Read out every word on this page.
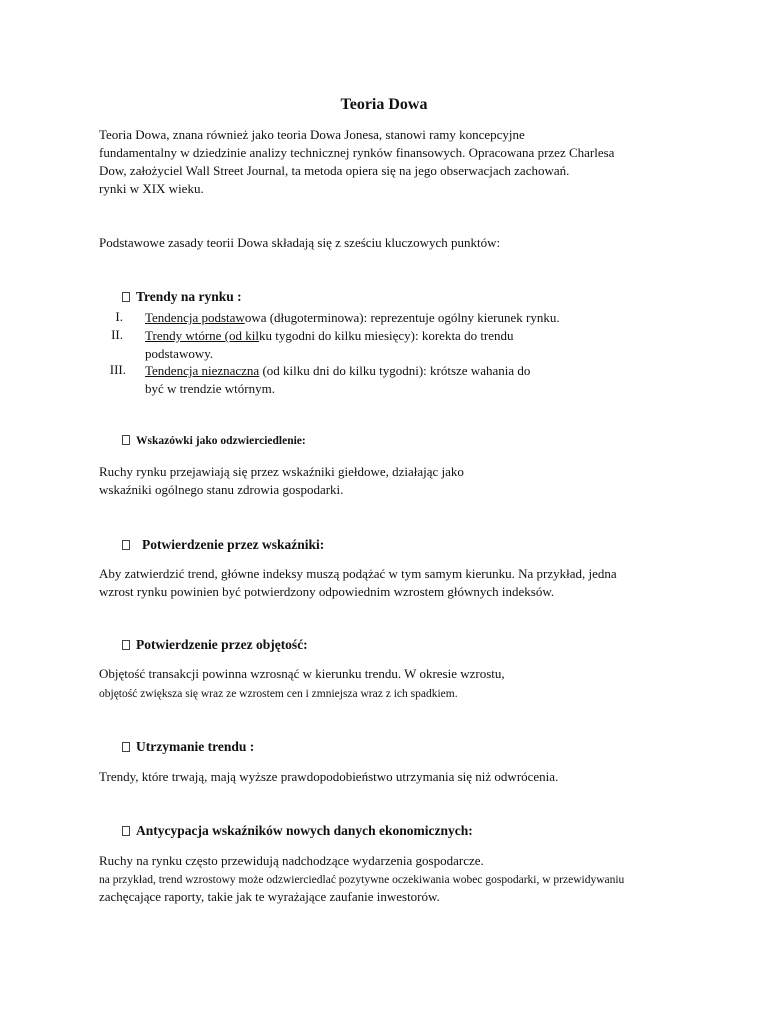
Teoria Dowa
Teoria Dowa, znana również jako teoria Dowa Jonesa, stanowi ramy koncepcyjne
fundamentalny w dziedzinie analizy technicznej rynków finansowych. Opracowana przez Charlesa
Dow, założyciel Wall Street Journal, ta metoda opiera się na jego obserwacjach zachowań.
rynki w XIX wieku.
Podstawowe zasady teorii Dowa składają się z sześciu kluczowych punktów:
Trendy na rynku :
I. Tendencja podstawowa (długoterminowa): reprezentuje ogólny kierunek rynku.
II. Trendy wtórne (od kilku tygodni do kilku miesięcy): korekta do trendu
podstawowy.
III. Tendencja nieznaczna (od kilku dni do kilku tygodni): krótsze wahania do
być w trendzie wtórnym.
Wskazówki jako odzwierciedlenie:
Ruchy rynku przejawiają się przez wskaźniki giełdowe, działając jako
wskaźniki ogólnego stanu zdrowia gospodarki.
Potwierdzenie przez wskaźniki:
Aby zatwierdzić trend, główne indeksy muszą podążać w tym samym kierunku. Na przykład, jedna
wzrost rynku powinien być potwierdzony odpowiednim wzrostem głównych indeksów.
Potwierdzenie przez objętość:
Objętość transakcji powinna wzrosnąć w kierunku trendu. W okresie wzrostu,
objętość zwiększa się wraz ze wzrostem cen i zmniejsza wraz z ich spadkiem.
Utrzymanie trendu :
Trendy, które trwają, mają wyższe prawdopodobieństwo utrzymania się niż odwrócenia.
Antycypacja wskaźników nowych danych ekonomicznych:
Ruchy na rynku często przewidują nadchodzące wydarzenia gospodarcze.
na przykład, trend wzrostowy może odzwierciedlać pozytywne oczekiwania wobec gospodarki, w przewidywaniu
zachęcające raporty, takie jak te wyrażające zaufanie inwestorów.
